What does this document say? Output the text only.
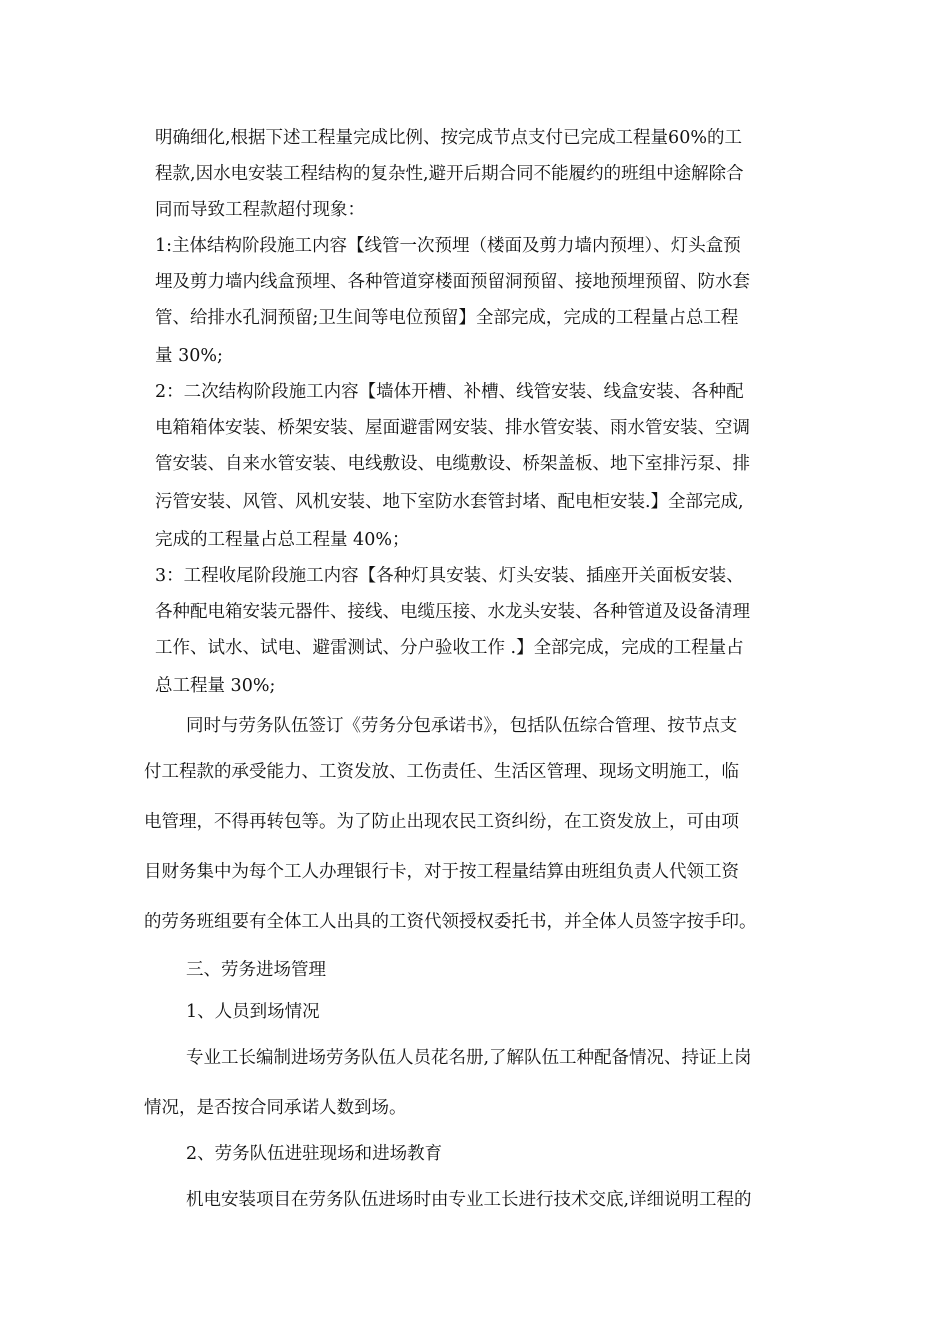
明确细化,根据下述工程量完成比例、按完成节点支付已完成工程量60%的工
程款,因水电安装工程结构的复杂性,避开后期合同不能履约的班组中途解除合
同而导致工程款超付现象：
1:主体结构阶段施工内容【线管一次预埋（楼面及剪力墙内预埋）、灯头盒预
埋及剪力墙内线盒预埋、各种管道穿楼面预留洞预留、接地预埋预留、防水套
管、给排水孔洞预留;卫生间等电位预留】全部完成，完成的工程量占总工程
量 30%;
2：二次结构阶段施工内容【墙体开槽、补槽、线管安装、线盒安装、各种配
电箱箱体安装、桥架安装、屋面避雷网安装、排水管安装、雨水管安装、空调
管安装、自来水管安装、电线敷设、电缆敷设、桥架盖板、地下室排污泵、排
污管安装、风管、风机安装、地下室防水套管封堵、配电柜安装.】全部完成,
完成的工程量占总工程量 40%；
3：工程收尾阶段施工内容【各种灯具安装、灯头安装、插座开关面板安装、
各种配电箱安装元器件、接线、电缆压接、水龙头安装、各种管道及设备清理
工作、试水、试电、避雷测试、分户验收工作 .】全部完成，完成的工程量占
总工程量 30%;
同时与劳务队伍签订《劳务分包承诺书》，包括队伍综合管理、按节点支
付工程款的承受能力、工资发放、工伤责任、生活区管理、现场文明施工，临
电管理，不得再转包等。为了防止出现农民工资纠纷，在工资发放上，可由项
目财务集中为每个工人办理银行卡，对于按工程量结算由班组负责人代领工资
的劳务班组要有全体工人出具的工资代领授权委托书，并全体人员签字按手印。
三、劳务进场管理
1、人员到场情况
专业工长编制进场劳务队伍人员花名册,了解队伍工种配备情况、持证上岗
情况，是否按合同承诺人数到场。
2、劳务队伍进驻现场和进场教育
机电安装项目在劳务队伍进场时由专业工长进行技术交底,详细说明工程的
